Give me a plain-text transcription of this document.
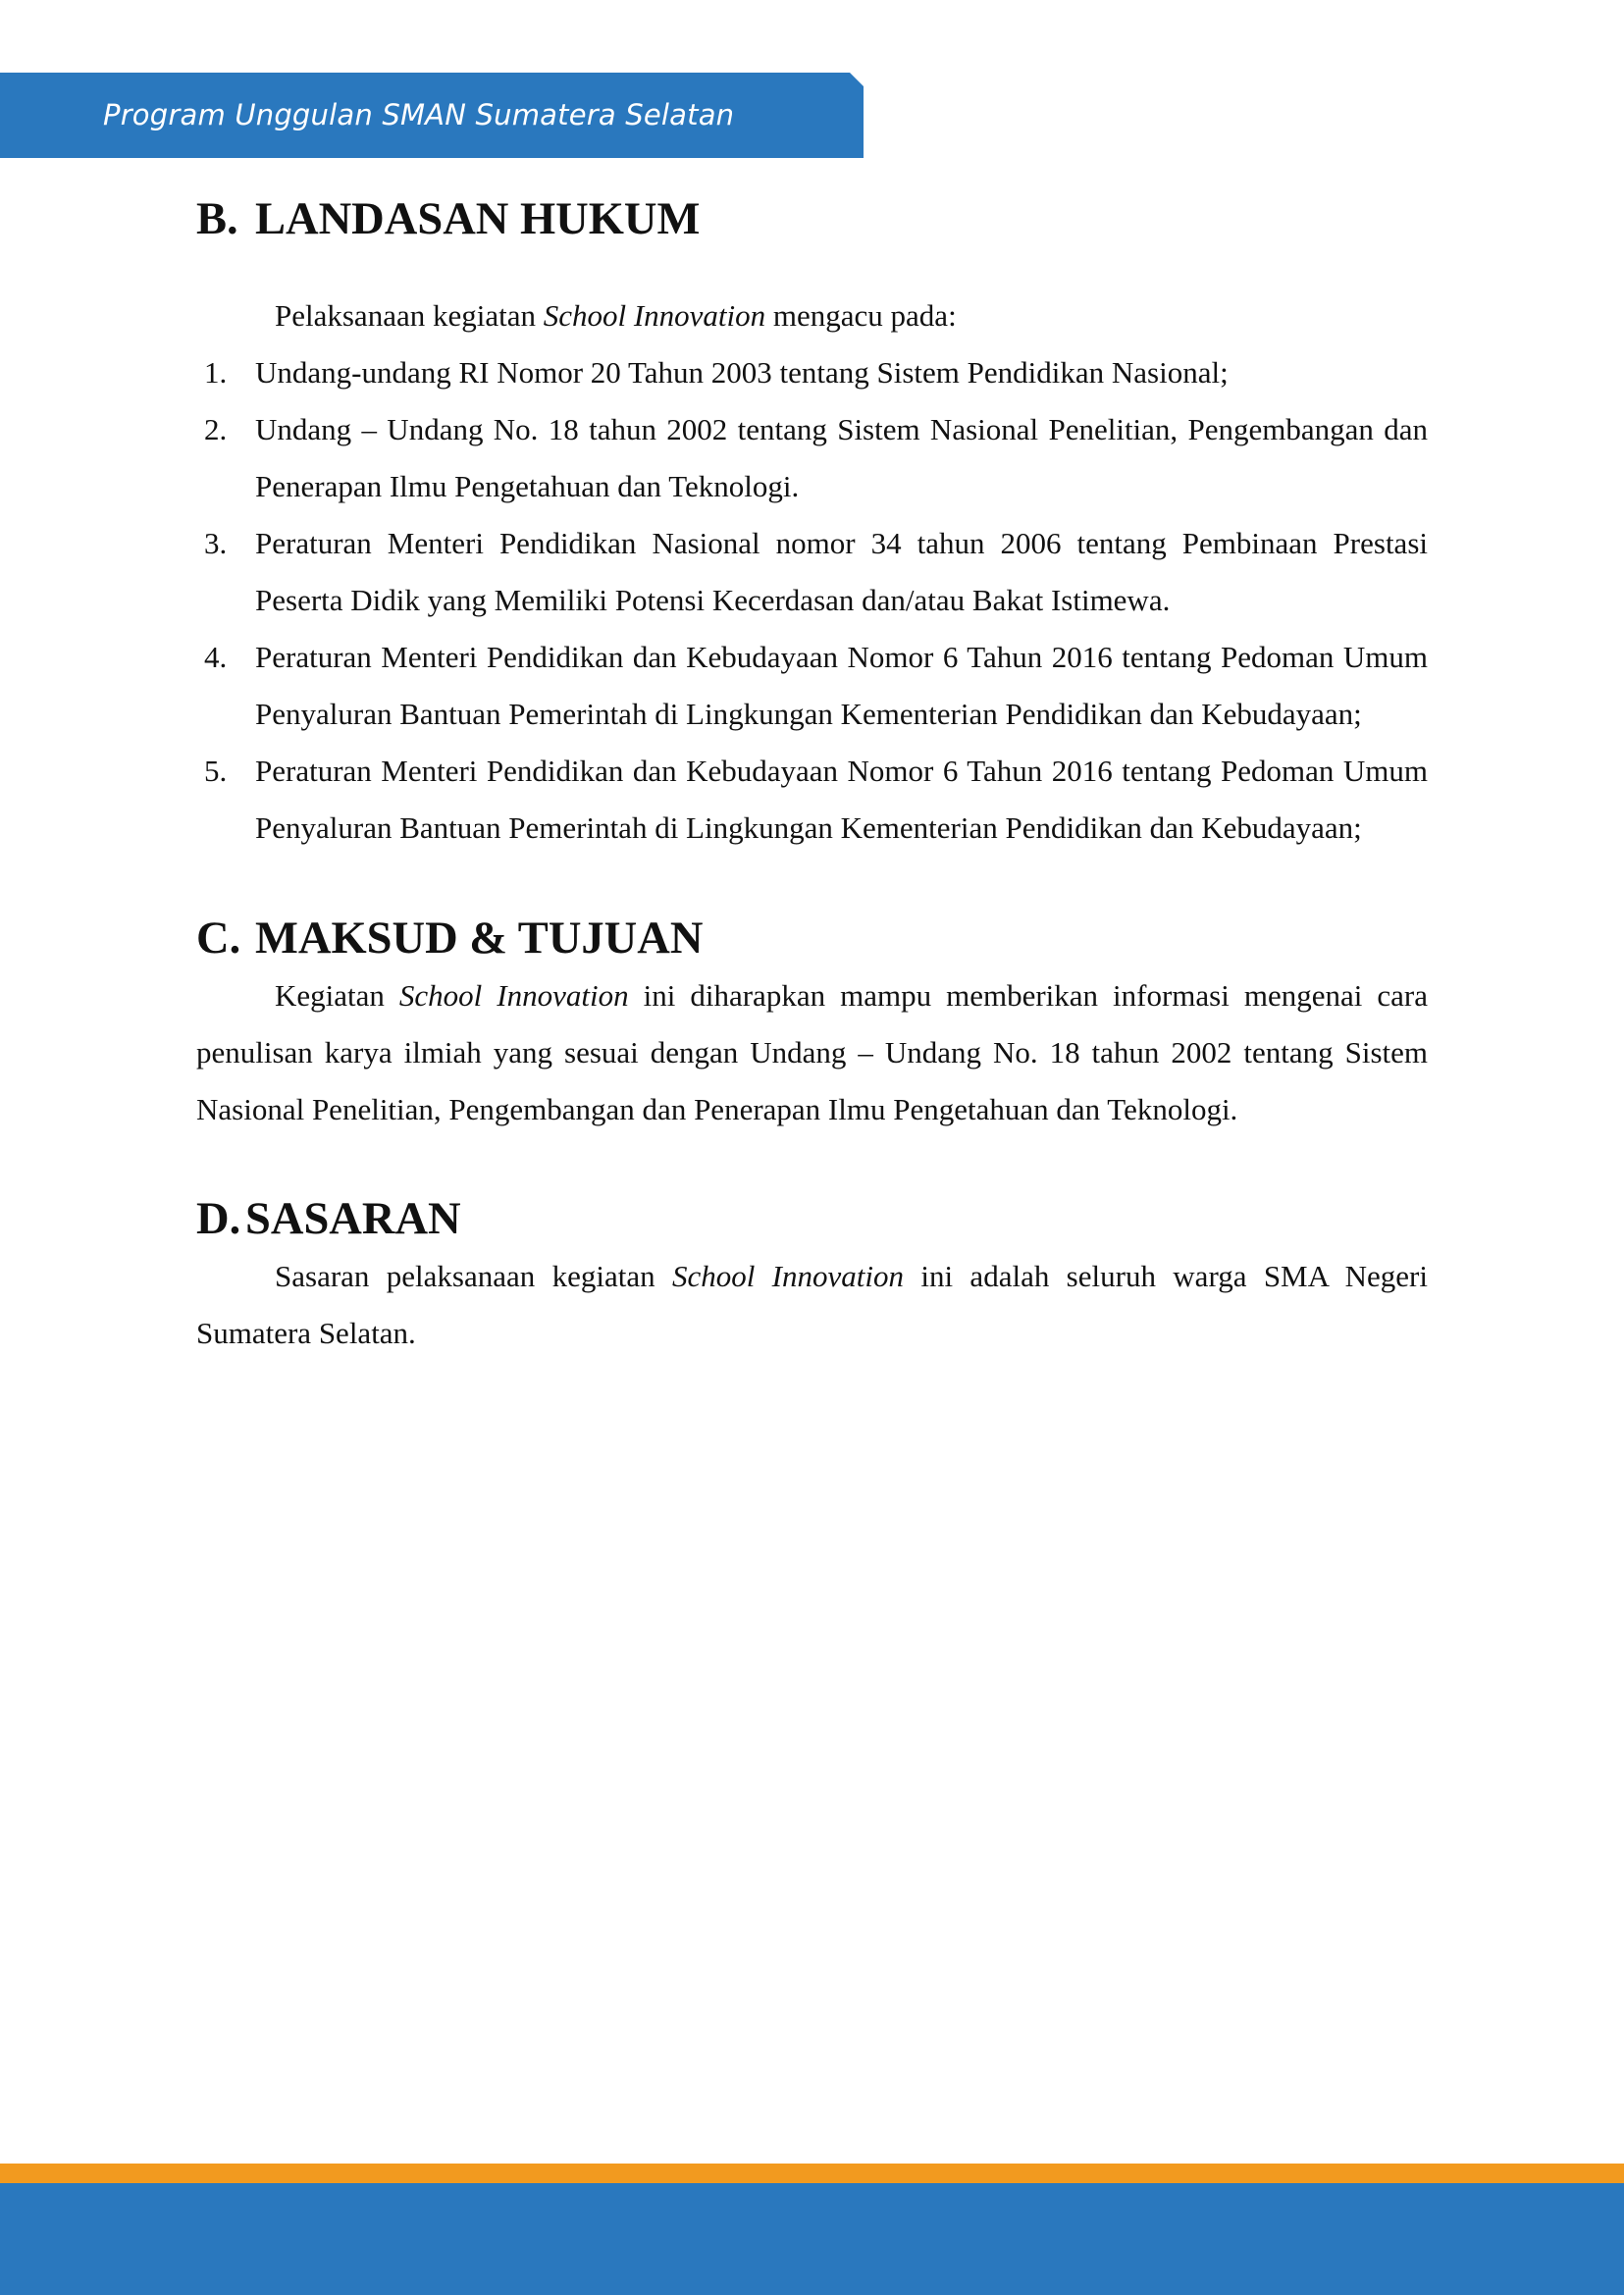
Program Unggulan SMAN Sumatera Selatan
B. LANDASAN HUKUM

Pelaksanaan kegiatan School Innovation mengacu pada:

1. Undang-undang RI Nomor 20 Tahun 2003 tentang Sistem Pendidikan Nasional;
2. Undang – Undang No. 18 tahun 2002 tentang Sistem Nasional Penelitian, Pengembangan dan Penerapan Ilmu Pengetahuan dan Teknologi.
3. Peraturan Menteri Pendidikan Nasional nomor 34 tahun 2006 tentang Pembinaan Prestasi Peserta Didik yang Memiliki Potensi Kecerdasan dan/atau Bakat Istimewa.
4. Peraturan Menteri Pendidikan dan Kebudayaan Nomor 6 Tahun 2016 tentang Pedoman Umum Penyaluran Bantuan Pemerintah di Lingkungan Kementerian Pendidikan dan Kebudayaan;
5. Peraturan Menteri Pendidikan dan Kebudayaan Nomor 6 Tahun 2016 tentang Pedoman Umum Penyaluran Bantuan Pemerintah di Lingkungan Kementerian Pendidikan dan Kebudayaan;
C. MAKSUD & TUJUAN

Kegiatan School Innovation ini diharapkan mampu memberikan informasi mengenai cara penulisan karya ilmiah yang sesuai dengan Undang – Undang No. 18 tahun 2002 tentang Sistem Nasional Penelitian, Pengembangan dan Penerapan Ilmu Pengetahuan dan Teknologi.

D. SASARAN

Sasaran pelaksanaan kegiatan School Innovation ini adalah seluruh warga SMA Negeri Sumatera Selatan.
